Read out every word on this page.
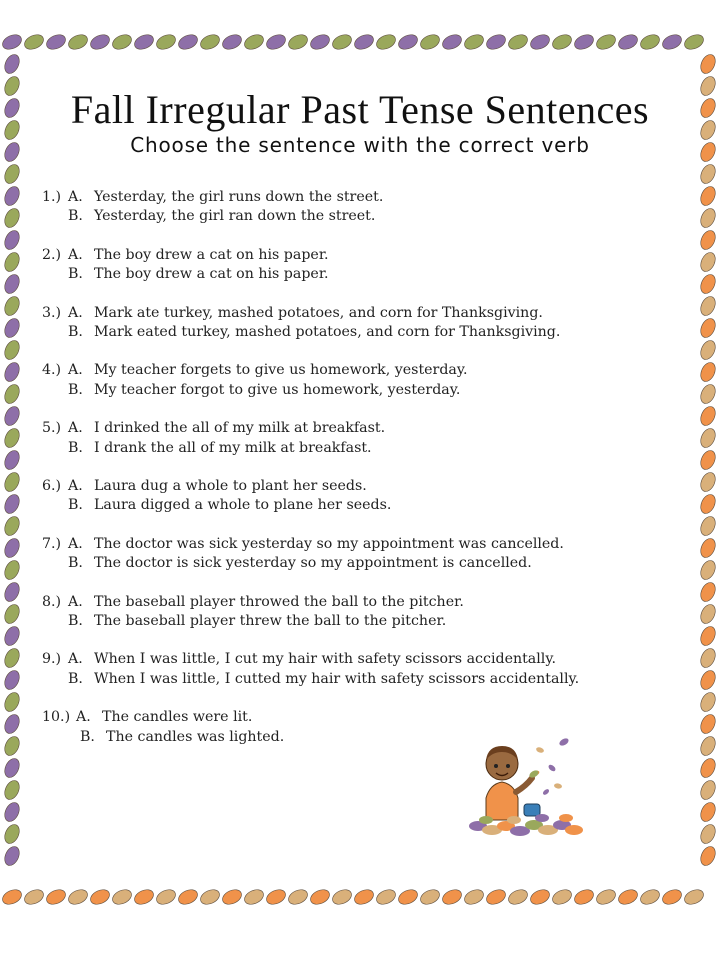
Fall Irregular Past Tense Sentences
Choose the sentence with the correct verb
1.) A. Yesterday, the girl runs down the street.
B. Yesterday, the girl ran down the street.
2.) A. The boy drew a cat on his paper.
B. The boy drew a cat on his paper.
3.) A. Mark ate turkey, mashed potatoes, and corn for Thanksgiving.
B. Mark eated turkey, mashed potatoes, and corn for Thanksgiving.
4.) A. My teacher forgets to give us homework, yesterday.
B. My teacher forgot to give us homework, yesterday.
5.) A. I drinked the all of my milk at breakfast.
B. I drank the all of my milk at breakfast.
6.) A. Laura dug a whole to plant her seeds.
B. Laura digged a whole to plane her seeds.
7.) A. The doctor was sick yesterday so my appointment was cancelled.
B. The doctor is sick yesterday so my appointment is cancelled.
8.) A. The baseball player throwed the ball to the pitcher.
B. The baseball player threw the ball to the pitcher.
9.) A. When I was little, I cut my hair with safety scissors accidentally.
B. When I was little, I cutted my hair with safety scissors accidentally.
10.) A. The candles were lit.
B. The candles was lighted.
